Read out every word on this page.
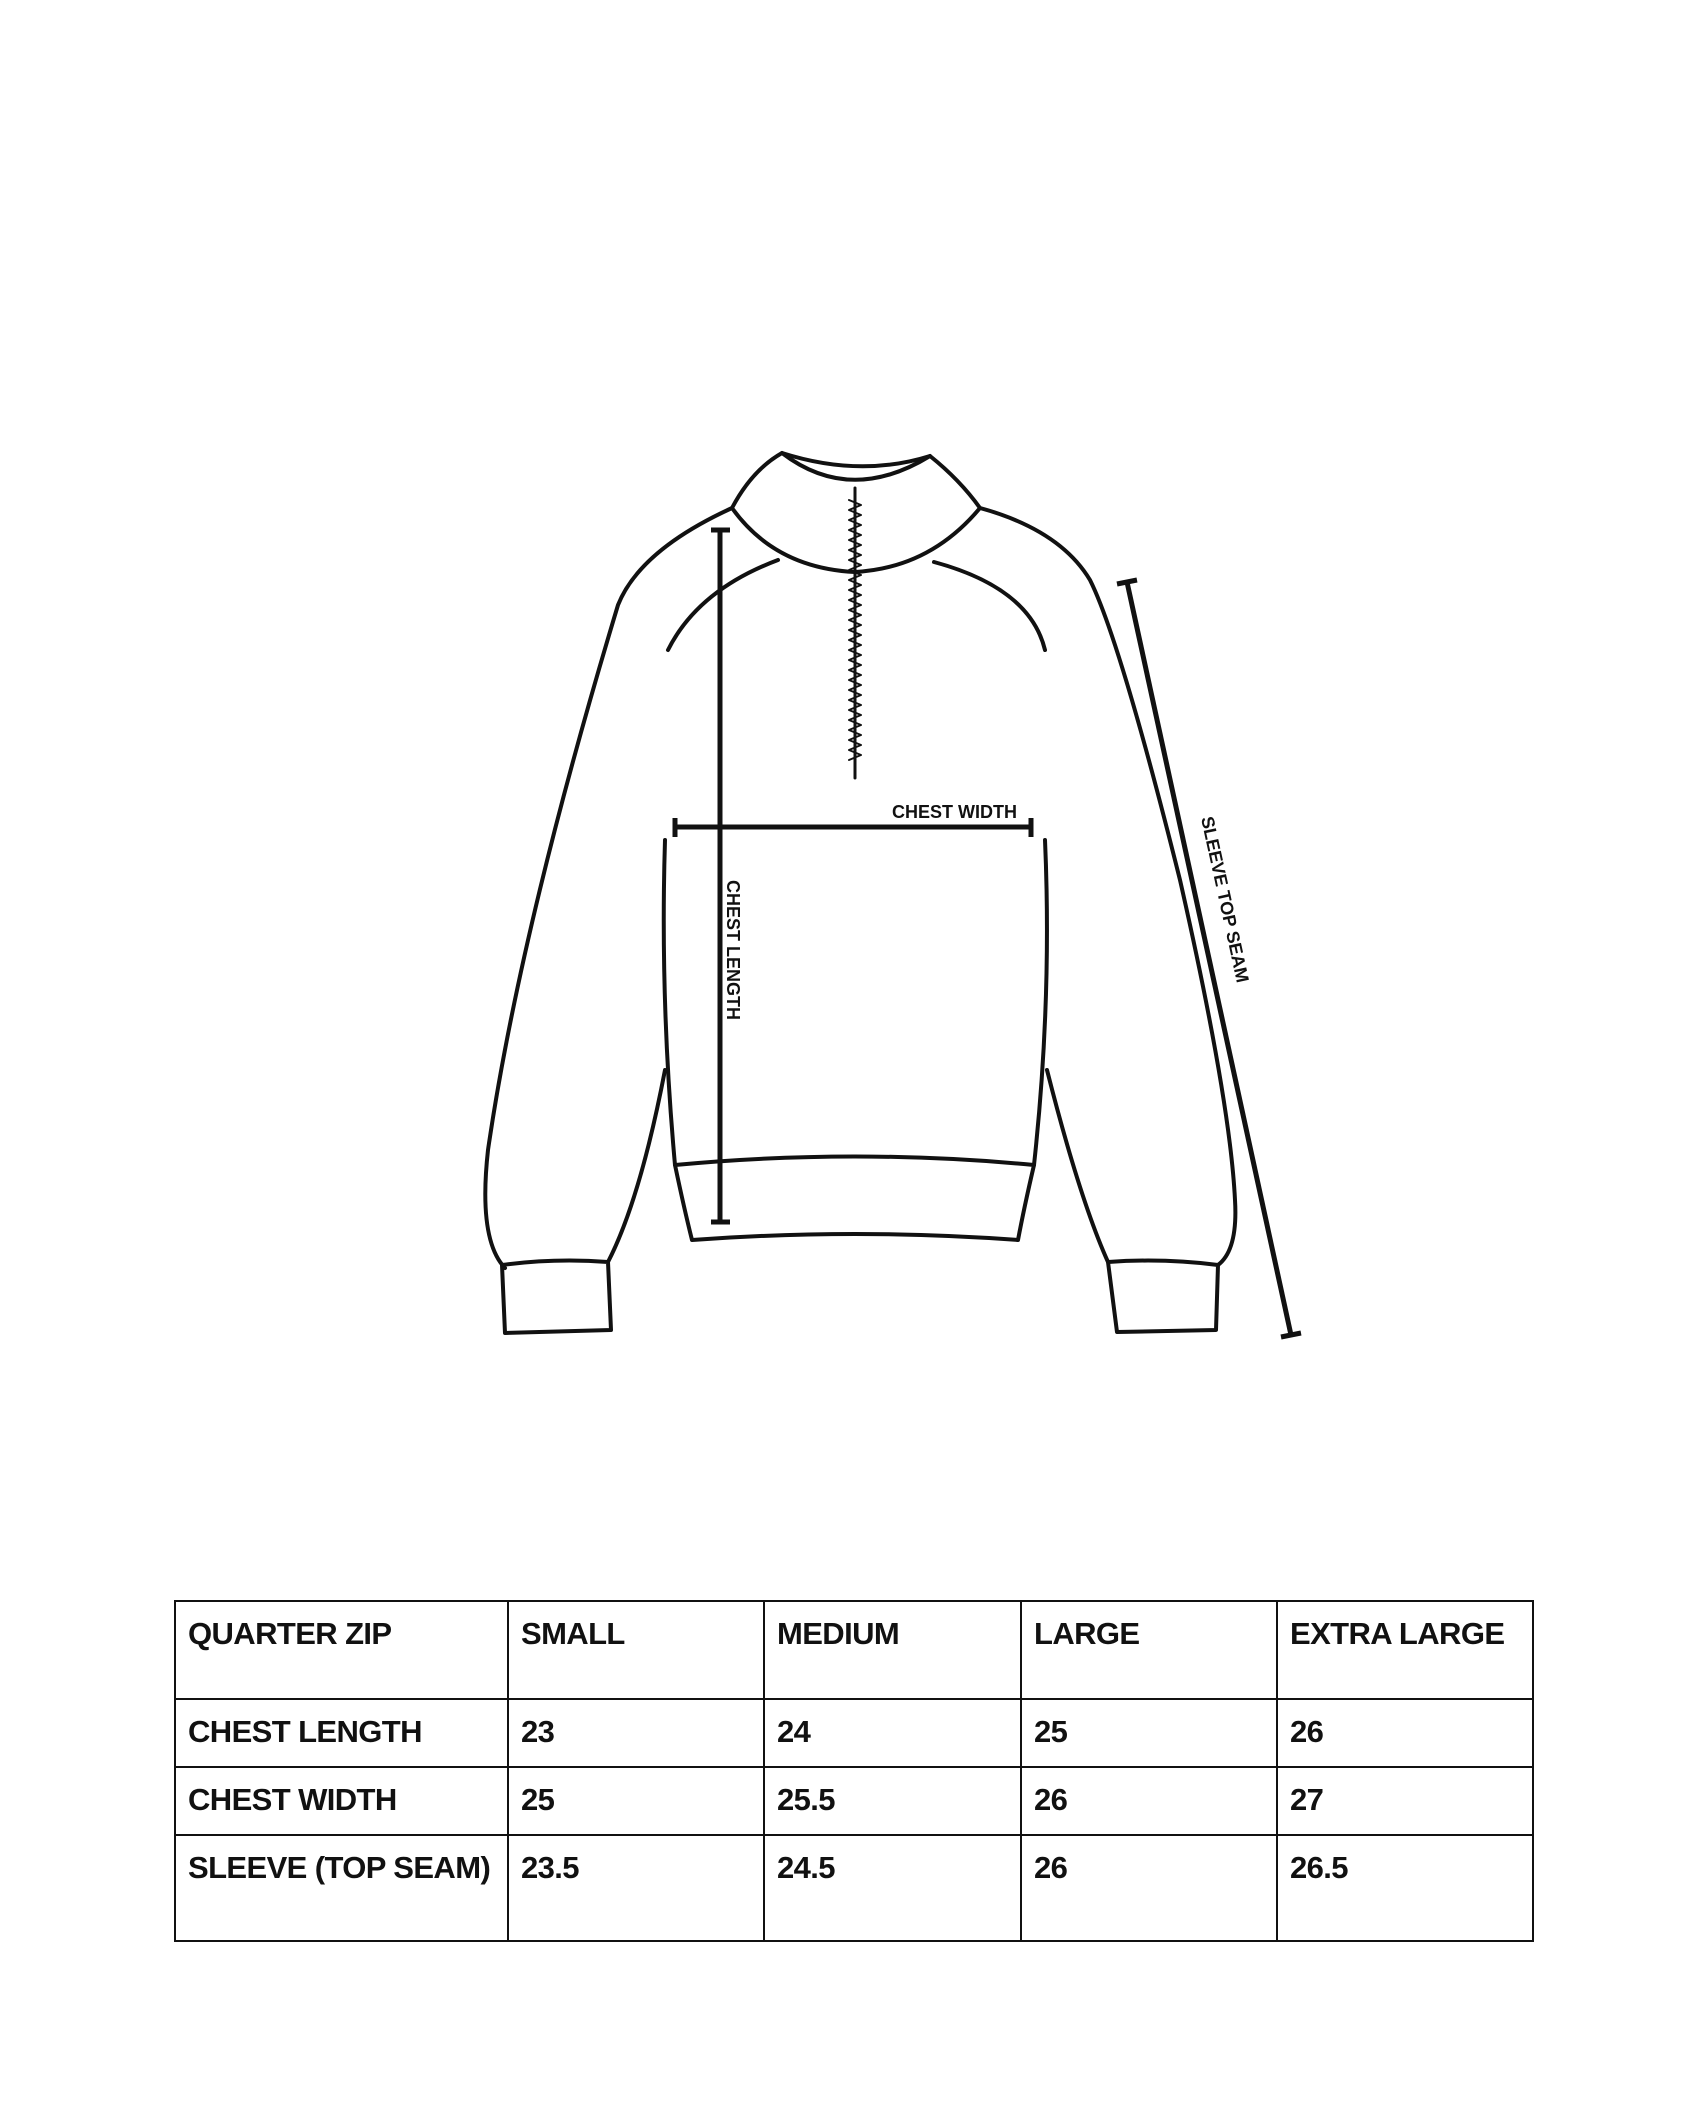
CHEST LENGTH
CHEST WIDTH
SLEEVE TOP SEAM
QUARTER ZIP	SMALL	MEDIUM	LARGE	EXTRA LARGE
CHEST LENGTH	23	24	25	26
CHEST WIDTH	25	25.5	26	27
SLEEVE (TOP SEAM)	23.5	24.5	26	26.5
